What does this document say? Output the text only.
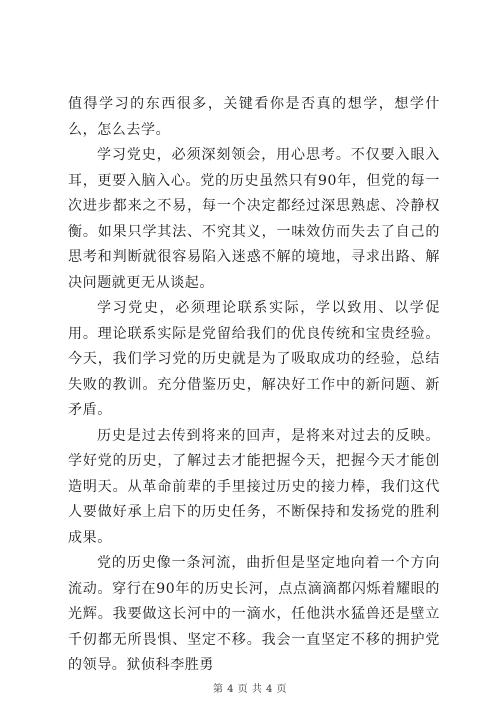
值得学习的东西很多，关键看你是否真的想学，想学什么，怎么去学。

学习党史，必须深刻领会，用心思考。不仅要入眼入耳，更要入脑入心。党的历史虽然只有90年，但党的每一次进步都来之不易，每一个决定都经过深思熟虑、冷静权衡。如果只学其法、不究其义，一味效仿而失去了自己的思考和判断就很容易陷入迷惑不解的境地，寻求出路、解决问题就更无从谈起。

学习党史，必须理论联系实际，学以致用、以学促用。理论联系实际是党留给我们的优良传统和宝贵经验。今天，我们学习党的历史就是为了吸取成功的经验，总结失败的教训。充分借鉴历史，解决好工作中的新问题、新矛盾。

历史是过去传到将来的回声，是将来对过去的反映。学好党的历史，了解过去才能把握今天，把握今天才能创造明天。从革命前辈的手里接过历史的接力棒，我们这代人要做好承上启下的历史任务，不断保持和发扬党的胜利成果。

党的历史像一条河流，曲折但是坚定地向着一个方向流动。穿行在90年的历史长河，点点滴滴都闪烁着耀眼的光辉。我要做这长河中的一滴水，任他洪水猛兽还是壁立千仞都无所畏惧、坚定不移。我会一直坚定不移的拥护党的领导。狱侦科李胜勇

第 4 页 共 4 页
